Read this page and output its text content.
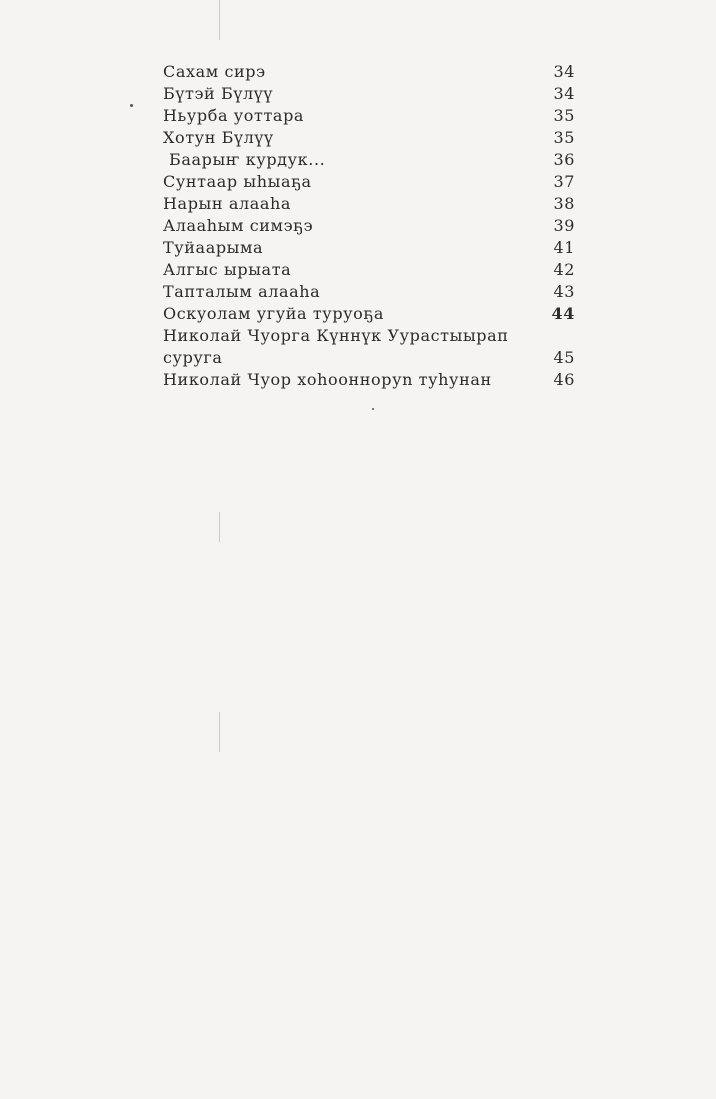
Сахам сирэ	34
Бүтэй Бүлүү	34
Ньурба уоттара	35
Хотун Бүлүү	35
Баарыҥ курдук...	36
Сунтаар ыһыаҕа	37
Нарын алааһа	38
Алааһым симэҕэ	39
Туйаарыма	41
Алгыс ырыата	42
Тапталым алааһа	43
Оскуолам угуйа туруоҕа	44
Николай Чуорга Күннүк Уурастыырап
суруга	45
Николай Чуор хоһоонноруn туһунан	46
